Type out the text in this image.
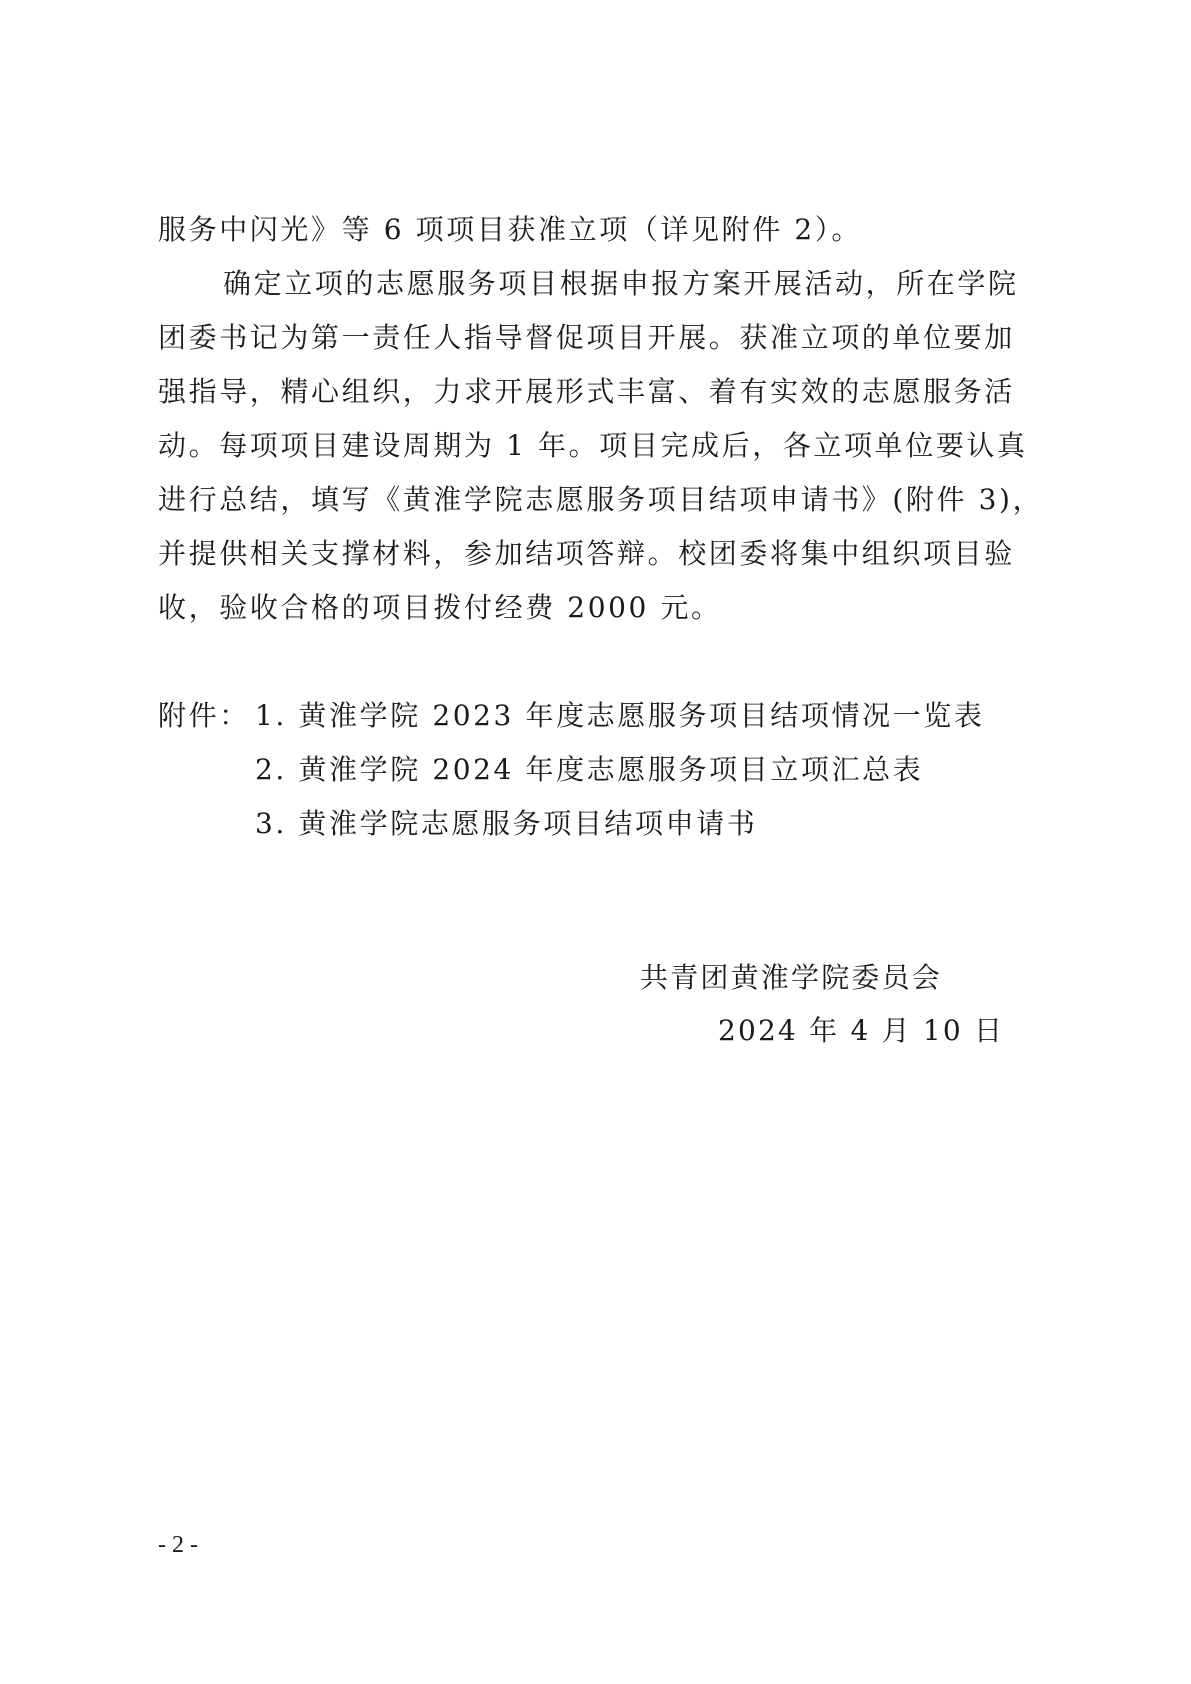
服务中闪光》等 6 项项目获准立项（详见附件 2）。
确定立项的志愿服务项目根据申报方案开展活动，所在学院
团委书记为第一责任人指导督促项目开展。获准立项的单位要加
强指导，精心组织，力求开展形式丰富、着有实效的志愿服务活
动。每项项目建设周期为 1 年。项目完成后，各立项单位要认真
进行总结，填写《黄淮学院志愿服务项目结项申请书》(附件 3)，
并提供相关支撑材料，参加结项答辩。校团委将集中组织项目验
收，验收合格的项目拨付经费 2000 元。
附件： 1. 黄淮学院 2023 年度志愿服务项目结项情况一览表
2. 黄淮学院 2024 年度志愿服务项目立项汇总表
3. 黄淮学院志愿服务项目结项申请书
共青团黄淮学院委员会
2024 年 4 月 10 日
- 2 -
